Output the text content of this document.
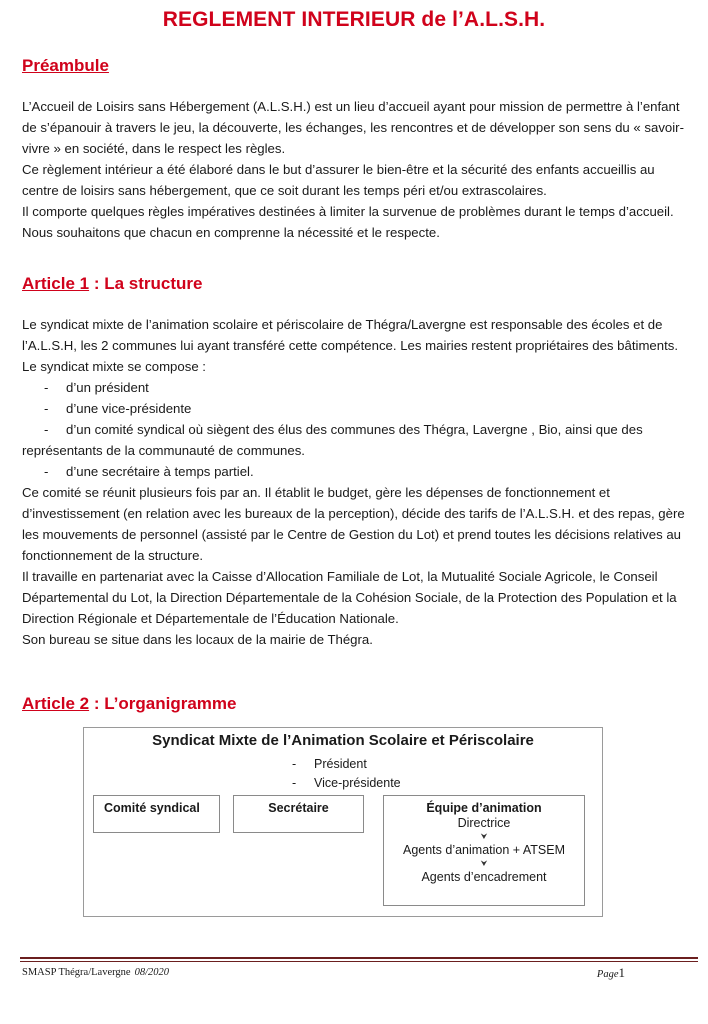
REGLEMENT INTERIEUR de l’A.L.S.H.
Préambule

L’Accueil de Loisirs sans Hébergement (A.L.S.H.) est un lieu d’accueil ayant pour mission de permettre à l’enfant de s’épanouir à travers le jeu, la découverte, les échanges, les rencontres et de développer son sens du « savoir-vivre » en société, dans le respect les règles.

Ce règlement intérieur a été élaboré dans le but d’assurer le bien-être et la sécurité des enfants accueillis au centre de loisirs sans hébergement, que ce soit durant les temps péri et/ou extrascolaires.

Il comporte quelques règles impératives destinées à limiter la survenue de problèmes durant le temps d’accueil. Nous souhaitons que chacun en comprenne la nécessité et le respecte.

Article 1 : La structure

Le syndicat mixte de l’animation scolaire et périscolaire de Thégra/Lavergne est responsable des écoles et de l’A.L.S.H, les 2 communes lui ayant transféré cette compétence. Les mairies restent propriétaires des bâtiments.

Le syndicat mixte se compose :

- d’un président

- d’une vice-présidente

- d’un comité syndical où siègent des élus des communes des Thégra, Lavergne , Bio, ainsi que des représentants de la communauté de communes.

- d’une secrétaire à temps partiel.

Ce comité se réunit plusieurs fois par an. Il établit le budget, gère les dépenses de fonctionnement et d’investissement (en relation avec les bureaux de la perception), décide des tarifs de l’A.L.S.H. et des repas, gère les mouvements de personnel (assisté par le Centre de Gestion du Lot) et prend toutes les décisions relatives au fonctionnement de la structure.

Il travaille en partenariat avec la Caisse d’Allocation Familiale de Lot, la Mutualité Sociale Agricole, le Conseil Départemental du Lot, la Direction Départementale de la Cohésion Sociale, de la Protection des Population et la Direction Régionale et Départementale de l’Éducation Nationale.

Son bureau se situe dans les locaux de la mairie de Thégra.

Article 2 : L’organigramme
Syndicat Mixte de l’Animation Scolaire et Périscolaire
- Président
- Vice-présidente
Comité syndical	Secrétaire	Équipe d’animation
Directrice
⮟
Agents d’animation + ATSEM
⮟
Agents d’encadrement
SMASP Thégra/Lavergne 08/2020	Page1
